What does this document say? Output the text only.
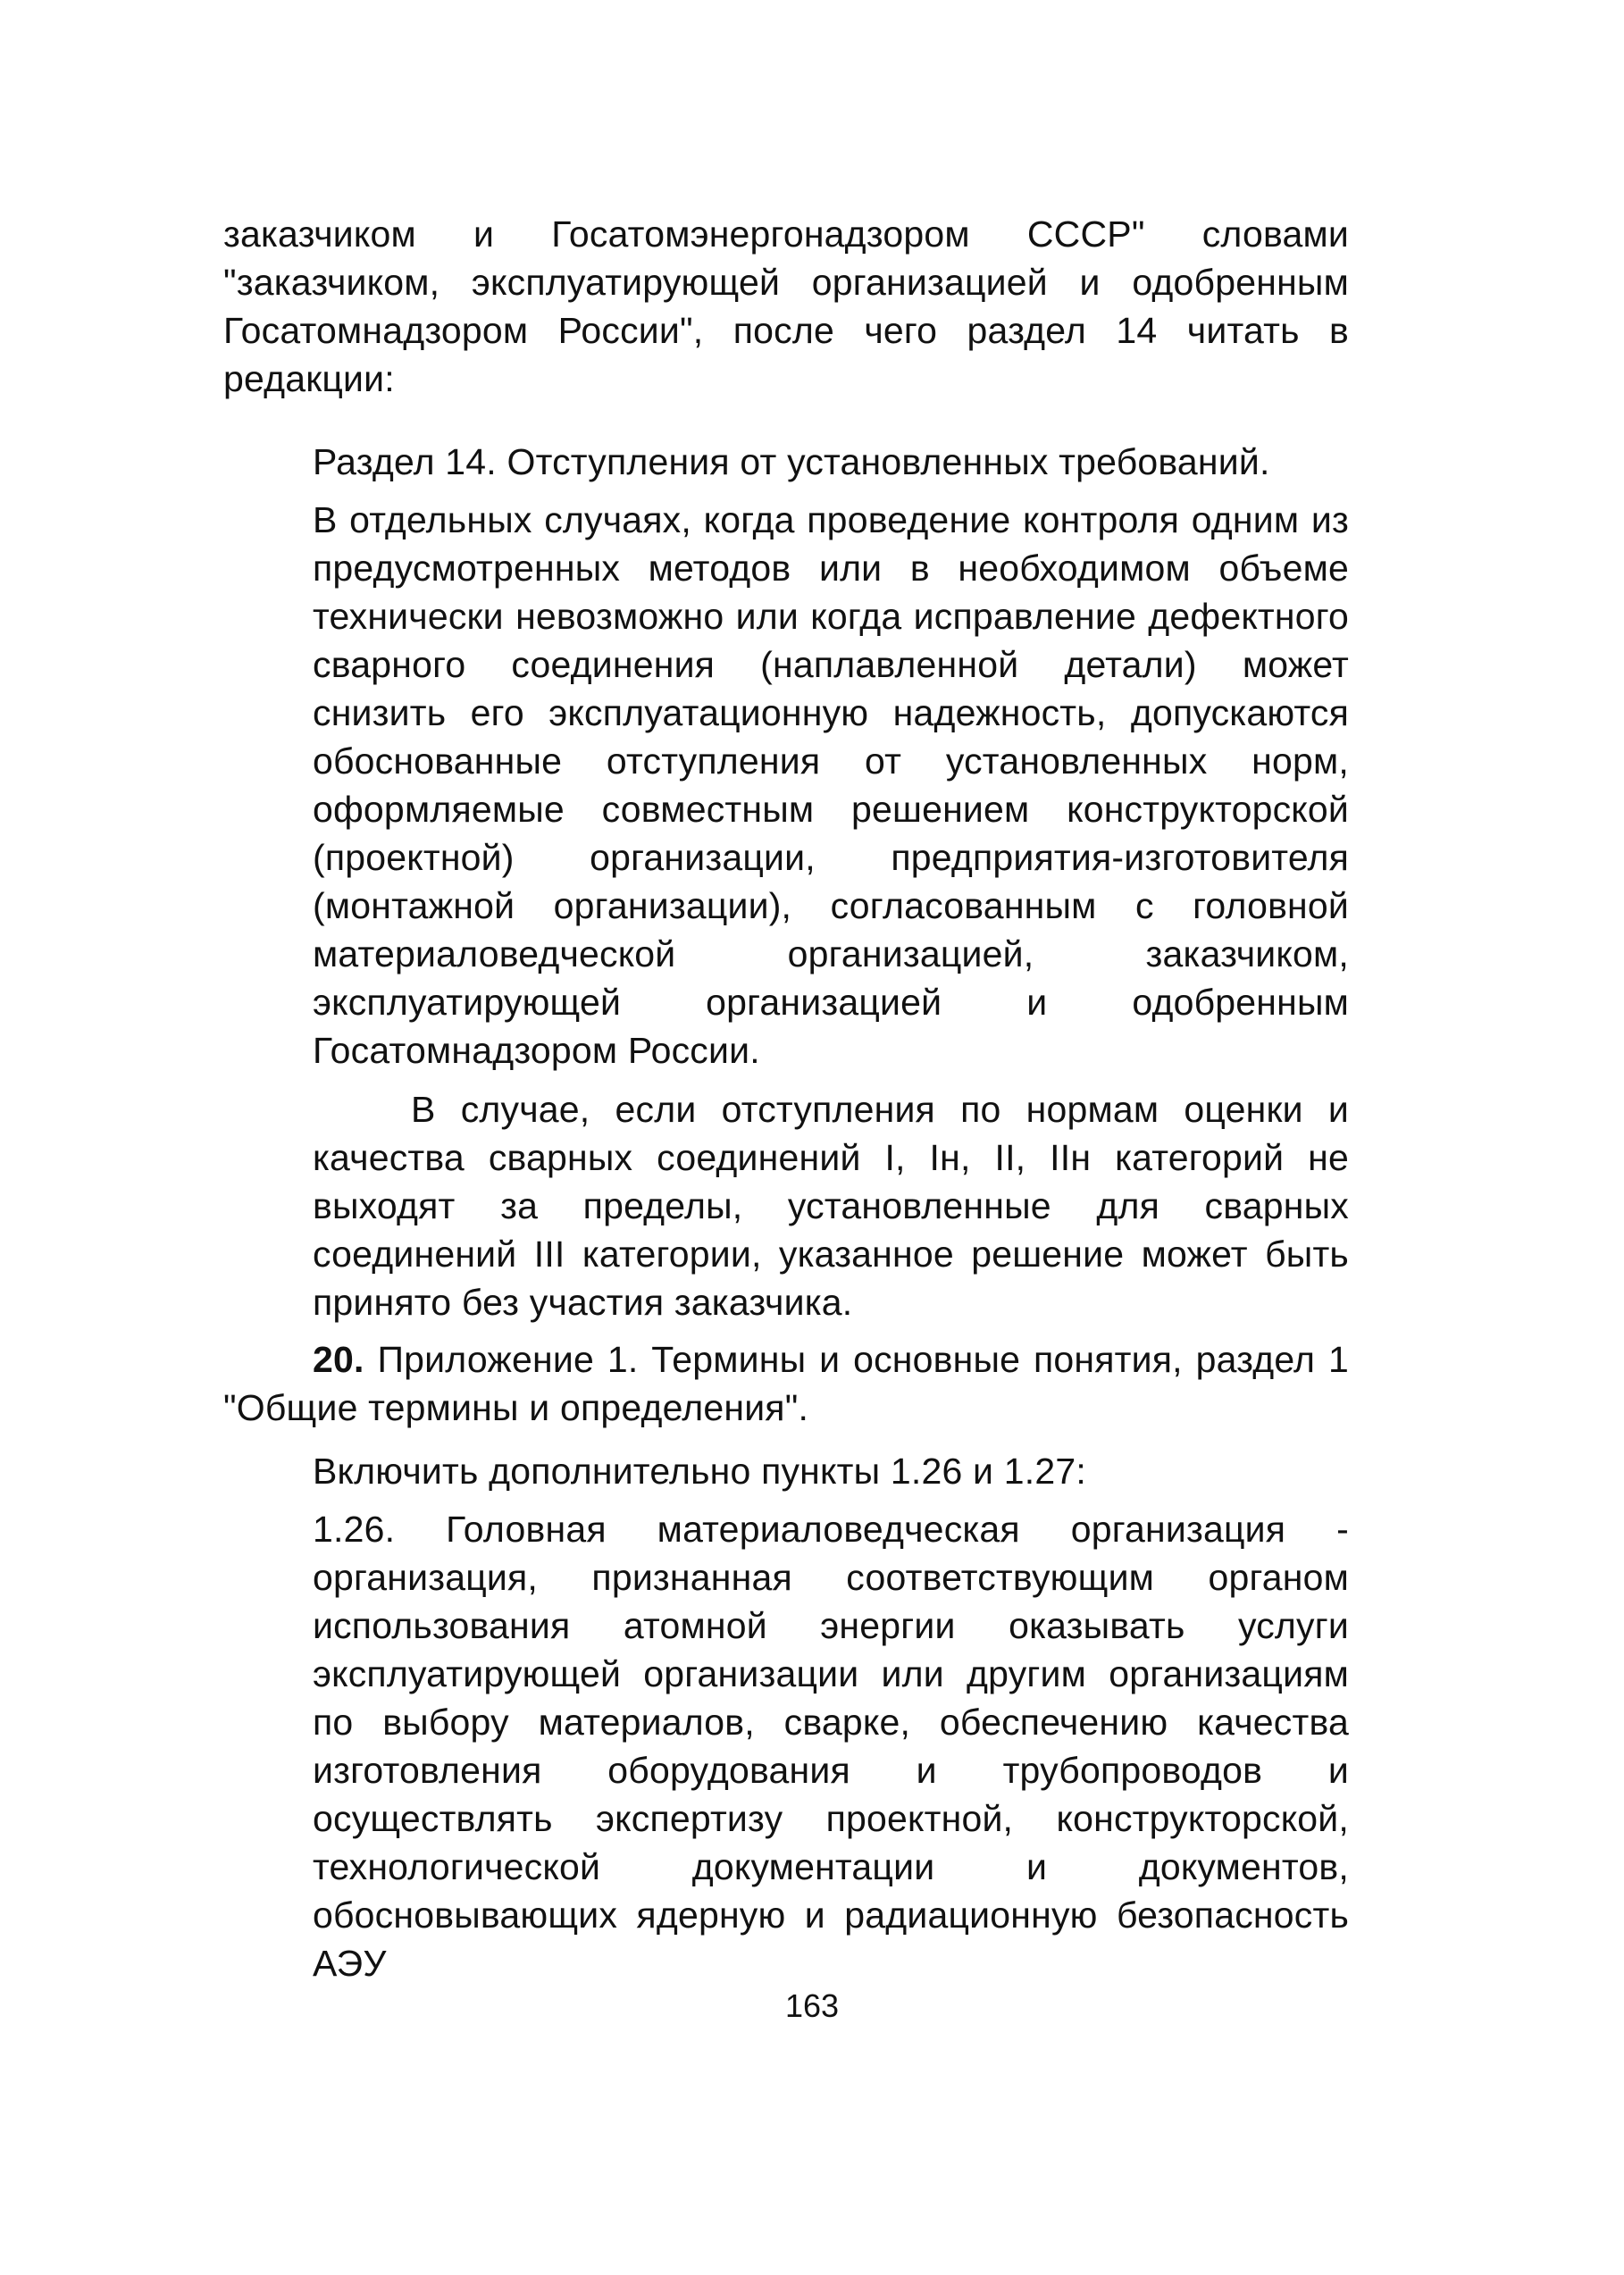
заказчиком и Госатомэнергонадзором СССР" словами "заказчиком, эксплуатирующей организацией и одобренным Госатомнадзором России", после чего раздел 14 читать в редакции:

Раздел 14. Отступления от установленных требований.

В отдельных случаях, когда проведение контроля одним из предусмотренных методов или в необходимом объеме технически невозможно или когда исправление дефектного сварного соединения (наплавленной детали) может снизить его эксплуатационную надежность, допускаются обоснованные отступления от установленных норм, оформляемые совместным решением конструкторской (проектной) организации, предприятия-изготовителя (монтажной организации), согласованным с головной материаловедческой организацией, заказчиком, эксплуатирующей организацией и одобренным Госатомнадзором России.

В случае, если отступления по нормам оценки и качества сварных соединений I, Iн, II, IIн категорий не выходят за пределы, установленные для сварных соединений III категории, указанное решение может быть принято без участия заказчика.

20. Приложение 1. Термины и основные понятия, раздел 1 "Общие термины и определения".

Включить дополнительно пункты 1.26 и 1.27:

1.26. Головная материаловедческая организация - организация, признанная соответствующим органом использования атомной энергии оказывать услуги эксплуатирующей организации или другим организациям по выбору материалов, сварке, обеспечению качества изготовления оборудования и трубопроводов и осуществлять экспертизу проектной, конструкторской, технологической документации и документов, обосновывающих ядерную и радиационную безопасность АЭУ

163
